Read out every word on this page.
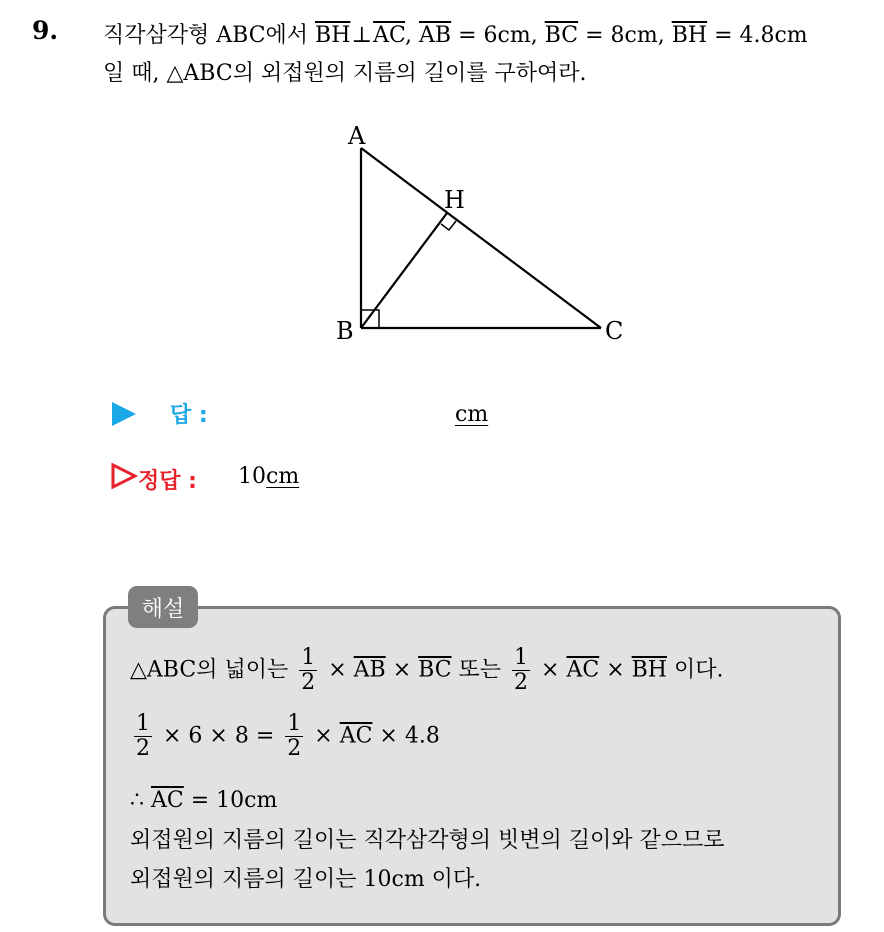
9. 직각삼각형 ABC에서 $\overline{BH}\perp\overline{AC}$, $\overline{AB} = 6cm$, $\overline{BC} = 8cm$, $\overline{BH} = 4.8cm$
일 때, △ABC의 외접원의 지름의 길이를 구하여라.
A
H
B	C
답 :	cm
정답 : 10cm
해설
△ABC의 넓이는 $\frac{1}{2} \times \overline{AB} \times \overline{BC}$ 또는 $\frac{1}{2} \times \overline{AC} \times \overline{BH}$ 이다.
$\frac{1}{2} \times 6 \times 8 = \frac{1}{2} \times \overline{AC} \times 4.8$
∴ $\overline{AC} = 10cm$
외접원의 지름의 길이는 직각삼각형의 빗변의 길이와 같으므로
외접원의 지름의 길이는 10cm 이다.
